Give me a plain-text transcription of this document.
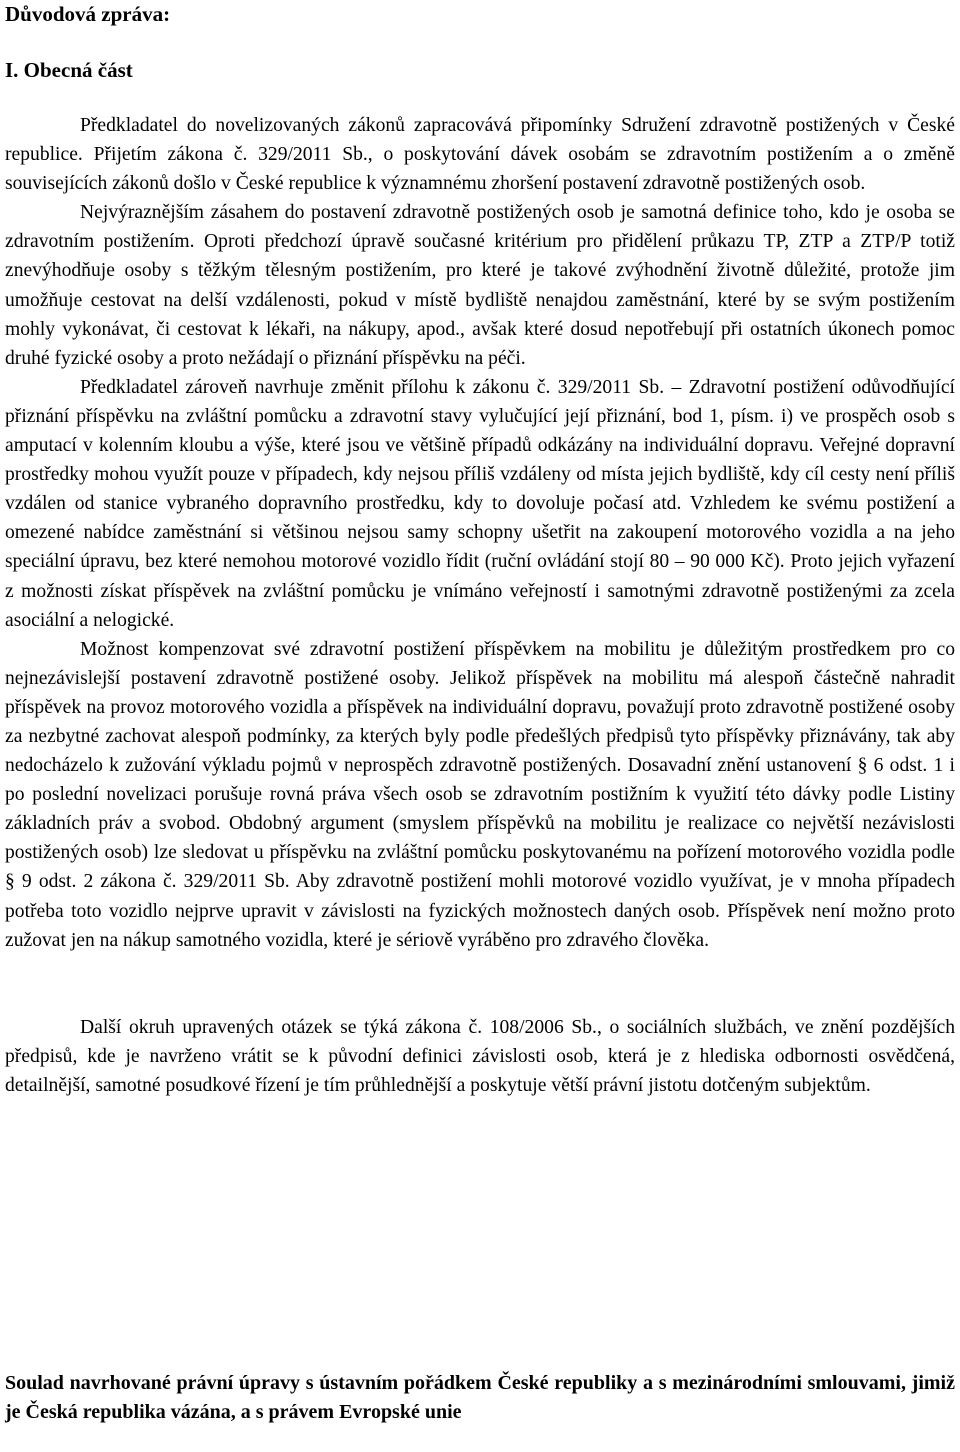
Důvodová zpráva:
I. Obecná část

Předkladatel do novelizovaných zákonů zapracovává připomínky Sdružení zdravotně postižených v České republice. Přijetím zákona č. 329/2011 Sb., o poskytování dávek osobám se zdravotním postižením a o změně souvisejících zákonů došlo v České republice k významnému zhoršení postavení zdravotně postižených osob.

Nejvýraznějším zásahem do postavení zdravotně postižených osob je samotná definice toho, kdo je osoba se zdravotním postižením. Oproti předchozí úpravě současné kritérium pro přidělení průkazu TP, ZTP a ZTP/P totiž znevýhodňuje osoby s těžkým tělesným postižením, pro které je takové zvýhodnění životně důležité, protože jim umožňuje cestovat na delší vzdálenosti, pokud v místě bydliště nenajdou zaměstnání, které by se svým postižením mohly vykonávat, či cestovat k lékaři, na nákupy, apod., avšak které dosud nepotřebují při ostatních úkonech pomoc druhé fyzické osoby a proto nežádají o přiznání příspěvku na péči.

Předkladatel zároveň navrhuje změnit přílohu k zákonu č. 329/2011 Sb. – Zdravotní postižení odůvodňující přiznání příspěvku na zvláštní pomůcku a zdravotní stavy vylučující její přiznání, bod 1, písm. i) ve prospěch osob s amputací v kolenním kloubu a výše, které jsou ve většině případů odkázány na individuální dopravu. Veřejné dopravní prostředky mohou využít pouze v případech, kdy nejsou příliš vzdáleny od místa jejich bydliště, kdy cíl cesty není příliš vzdálen od stanice vybraného dopravního prostředku, kdy to dovoluje počasí atd. Vzhledem ke svému postižení a omezené nabídce zaměstnání si většinou nejsou samy schopny ušetřit na zakoupení motorového vozidla a na jeho speciální úpravu, bez které nemohou motorové vozidlo řídit (ruční ovládání stojí 80 – 90 000 Kč). Proto jejich vyřazení z možnosti získat příspěvek na zvláštní pomůcku je vnímáno veřejností i samotnými zdravotně postiženými za zcela asociální a nelogické.

Možnost kompenzovat své zdravotní postižení příspěvkem na mobilitu je důležitým prostředkem pro co nejnezávislejší postavení zdravotně postižené osoby. Jelikož příspěvek na mobilitu má alespoň částečně nahradit příspěvek na provoz motorového vozidla a příspěvek na individuální dopravu, považují proto zdravotně postižené osoby za nezbytné zachovat alespoň podmínky, za kterých byly podle předešlých předpisů tyto příspěvky přiznávány, tak aby nedocházelo k zužování výkladu pojmů v neprospěch zdravotně postižených. Dosavadní znění ustanovení § 6 odst. 1 i po poslední novelizaci porušuje rovná práva všech osob se zdravotním postižním k využití této dávky podle Listiny základních práv a svobod. Obdobný argument (smyslem příspěvků na mobilitu je realizace co největší nezávislosti postižených osob) lze sledovat u příspěvku na zvláštní pomůcku poskytovanému na pořízení motorového vozidla podle § 9 odst. 2 zákona č. 329/2011 Sb. Aby zdravotně postižení mohli motorové vozidlo využívat, je v mnoha případech potřeba toto vozidlo nejprve upravit v závislosti na fyzických možnostech daných osob. Příspěvek není možno proto zužovat jen na nákup samotného vozidla, které je sériově vyráběno pro zdravého člověka.

Další okruh upravených otázek se týká zákona č. 108/2006 Sb., o sociálních službách, ve znění pozdějších předpisů, kde je navrženo vrátit se k původní definici závislosti osob, která je z hlediska odbornosti osvědčená, detailnější, samotné posudkové řízení je tím průhlednější a poskytuje větší právní jistotu dotčeným subjektům.

Soulad navrhované právní úpravy s ústavním pořádkem České republiky a s mezinárodními smlouvami, jimiž je Česká republika vázána, a s právem Evropské unie
